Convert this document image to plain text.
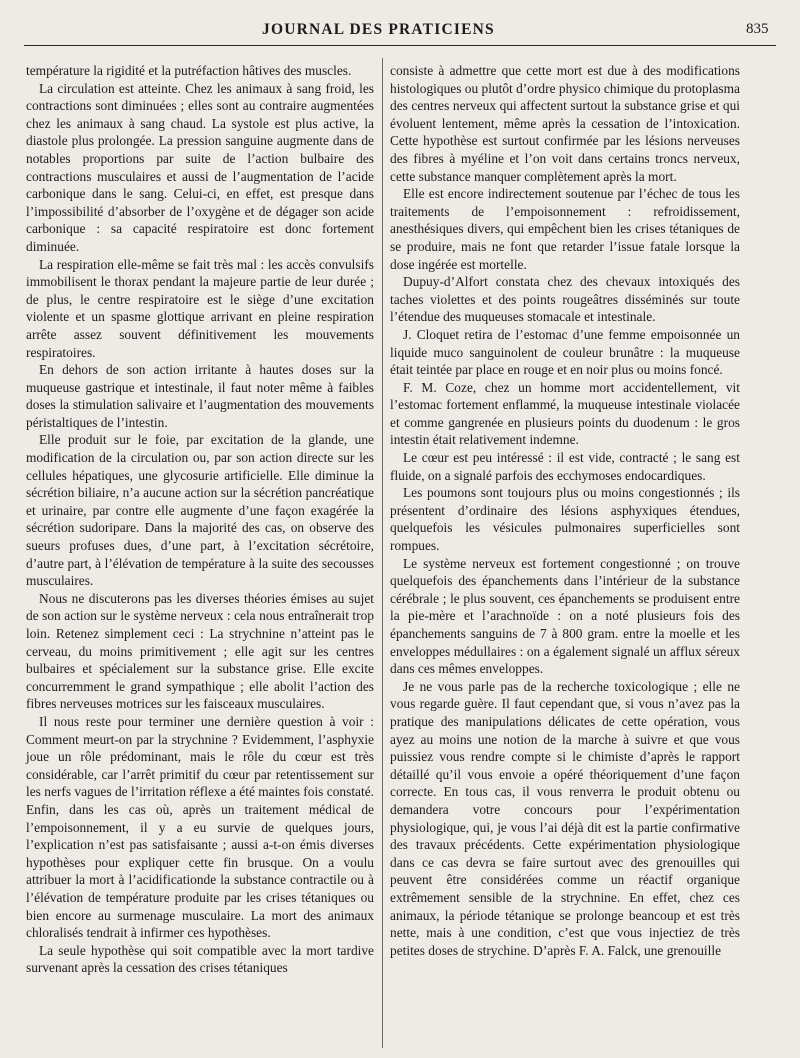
JOURNAL DES PRATICIENS	835

température la rigidité et la putréfaction hâtives des muscles.

La circulation est atteinte. Chez les animaux à sang froid, les contractions sont diminuées ; elles sont au contraire augmentées chez les animaux à sang chaud. La systole est plus active, la diastole plus prolongée. La pression sanguine augmente dans de notables proportions par suite de l’action bulbaire des contractions musculaires et aussi de l’augmentation de l’acide carbonique dans le sang. Celui-ci, en effet, est presque dans l’impossibilité d’absorber de l’oxygène et de dégager son acide carbonique : sa capacité respiratoire est donc fortement diminuée.

La respiration elle-même se fait très mal : les accès convulsifs immobilisent le thorax pendant la majeure partie de leur durée ; de plus, le centre respiratoire est le siège d’une excitation violente et un spasme glottique arrivant en pleine respiration arrête assez souvent définitivement les mouvements respiratoires.

En dehors de son action irritante à hautes doses sur la muqueuse gastrique et intestinale, il faut noter même à faibles doses la stimulation salivaire et l’augmentation des mouvements péristaltiques de l’intestin.

Elle produit sur le foie, par excitation de la glande, une modification de la circulation ou, par son action directe sur les cellules hépatiques, une glycosurie artificielle. Elle diminue la sécrétion biliaire, n’a aucune action sur la sécrétion pancréatique et urinaire, par contre elle augmente d’une façon exagérée la sécrétion sudoripare. Dans la majorité des cas, on observe des sueurs profuses dues, d’une part, à l’excitation sécrétoire, d’autre part, à l’élévation de température à la suite des secousses musculaires.

Nous ne discuterons pas les diverses théories émises au sujet de son action sur le système nerveux : cela nous entraînerait trop loin. Retenez simplement ceci : La strychnine n’atteint pas le cerveau, du moins primitivement ; elle agit sur les centres bulbaires et spécialement sur la substance grise. Elle excite concurremment le grand sympathique ; elle abolit l’action des fibres nerveuses motrices sur les faisceaux musculaires.

Il nous reste pour terminer une dernière question à voir : Comment meurt-on par la strychnine ? Evidemment, l’asphyxie joue un rôle prédominant, mais le rôle du cœur est très considérable, car l’arrêt primitif du cœur par retentissement sur les nerfs vagues de l’irritation réflexe a été maintes fois constaté. Enfin, dans les cas où, après un traitement médical de l’empoisonnement, il y a eu survie de quelques jours, l’explication n’est pas satisfaisante ; aussi a-t-on émis diverses hypothèses pour expliquer cette fin brusque. On a voulu attribuer la mort à l’acidificationde la substance contractile ou à l’élévation de température produite par les crises tétaniques ou bien encore au surmenage musculaire. La mort des animaux chloralisés tendrait à infirmer ces hypothèses.

La seule hypothèse qui soit compatible avec la mort tardive survenant après la cessation des crises tétaniques

consiste à admettre que cette mort est due à des modifications histologiques ou plutôt d’ordre physico chimique du protoplasma des centres nerveux qui affectent surtout la substance grise et qui évoluent lentement, même après la cessation de l’intoxication. Cette hypothèse est surtout confirmée par les lésions nerveuses des fibres à myéline et l’on voit dans certains troncs nerveux, cette substance manquer complètement après la mort.

Elle est encore indirectement soutenue par l’échec de tous les traitements de l’empoisonnement : refroidissement, anesthésiques divers, qui empêchent bien les crises tétaniques de se produire, mais ne font que retarder l’issue fatale lorsque la dose ingérée est mortelle.

Dupuy-d’Alfort constata chez des chevaux intoxiqués des taches violettes et des points rougeâtres disséminés sur toute l’étendue des muqueuses stomacale et intestinale.

J. Cloquet retira de l’estomac d’une femme empoisonnée un liquide muco sanguinolent de couleur brunâtre : la muqueuse était teintée par place en rouge et en noir plus ou moins foncé.

F. M. Coze, chez un homme mort accidentellement, vit l’estomac fortement enflammé, la muqueuse intestinale violacée et comme gangrenée en plusieurs points du duodenum : le gros intestin était relativement indemne.

Le cœur est peu intéressé : il est vide, contracté ; le sang est fluide, on a signalé parfois des ecchymoses endocardiques.

Les poumons sont toujours plus ou moins congestionnés ; ils présentent d’ordinaire des lésions asphyxiques étendues, quelquefois les vésicules pulmonaires superficielles sont rompues.

Le système nerveux est fortement congestionné ; on trouve quelquefois des épanchements dans l’intérieur de la substance cérébrale ; le plus souvent, ces épanchements se produisent entre la pie-mère et l’arachnoïde : on a noté plusieurs fois des épanchements sanguins de 7 à 800 gram. entre la moelle et les enveloppes médullaires : on a également signalé un afflux séreux dans ces mêmes enveloppes.

Je ne vous parle pas de la recherche toxicologique ; elle ne vous regarde guère. Il faut cependant que, si vous n’avez pas la pratique des manipulations délicates de cette opération, vous ayez au moins une notion de la marche à suivre et que vous puissiez vous rendre compte si le chimiste d’après le rapport détaillé qu’il vous envoie a opéré théoriquement d’une façon correcte. En tous cas, il vous renverra le produit obtenu ou demandera votre concours pour l’expérimentation physiologique, qui, je vous l’ai déjà dit est la partie confirmative des travaux précédents. Cette expérimentation physiologique dans ce cas devra se faire surtout avec des grenouilles qui peuvent être considérées comme un réactif organique extrêmement sensible de la strychnine. En effet, chez ces animaux, la période tétanique se prolonge beancoup et est très nette, mais à une condition, c’est que vous injectiez de très petites doses de strychine. D’après F. A. Falck, une grenouille
